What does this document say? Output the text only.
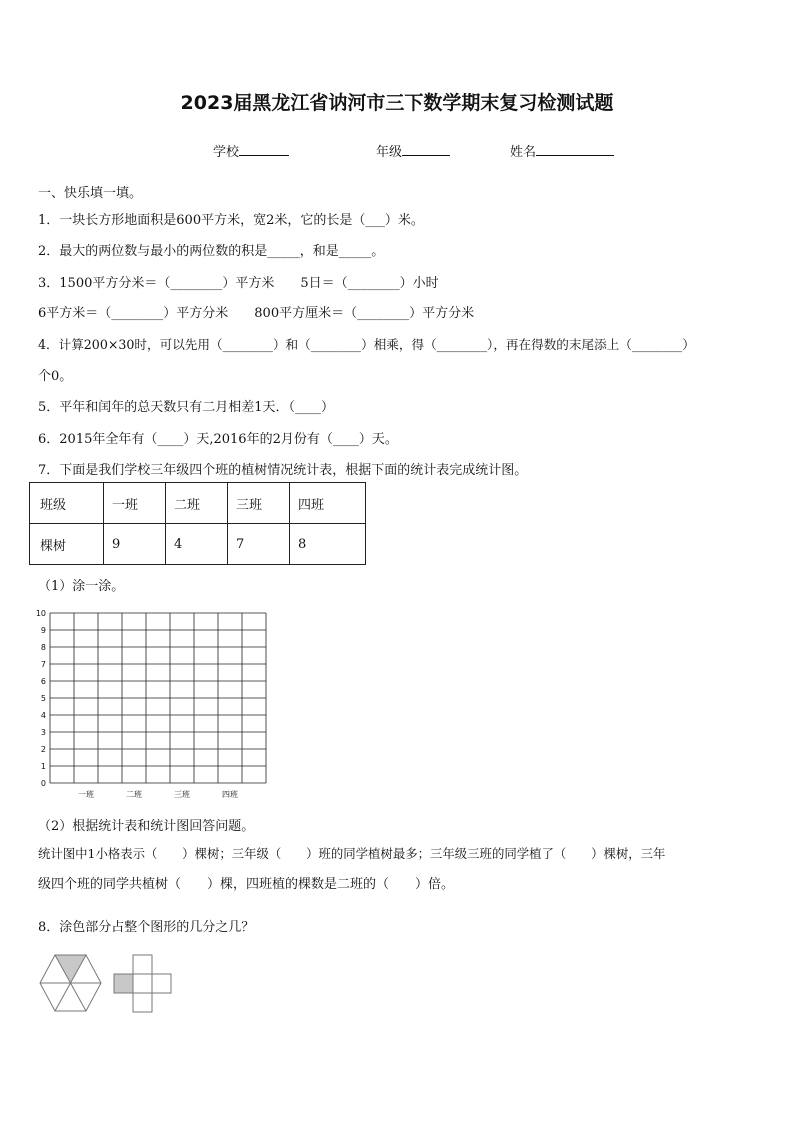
2023届黑龙江省讷河市三下数学期末复习检测试题
学校	年级	姓名
一、快乐填一填。
1．一块长方形地面积是600平方米，宽2米，它的长是（___）米。
2．最大的两位数与最小的两位数的积是_____，和是_____。
3．1500平方分米＝（________）平方米　　5日＝（________）小时
6平方米＝（________）平方分米　　800平方厘米＝（________）平方分米
4．计算200×30时，可以先用（________）和（________）相乘，得（________），再在得数的末尾添上（________）
个0。
5．平年和闰年的总天数只有二月相差1天．（____）
6．2015年全年有（____）天,2016年的2月份有（____）天。
7．下面是我们学校三年级四个班的植树情况统计表，根据下面的统计表完成统计图。
班级	一班	二班	三班	四班
棵树	9	4	7	8
（1）涂一涂。
0
1
2
3
4
5
6
7
8
9
10
一班	二班	三班	四班
（2）根据统计表和统计图回答问题。
统计图中1小格表示（　　）棵树；三年级（　　）班的同学植树最多；三年级三班的同学植了（　　）棵树，三年
级四个班的同学共植树（　　）棵，四班植的棵数是二班的（　　）倍。
8．涂色部分占整个图形的几分之几？
